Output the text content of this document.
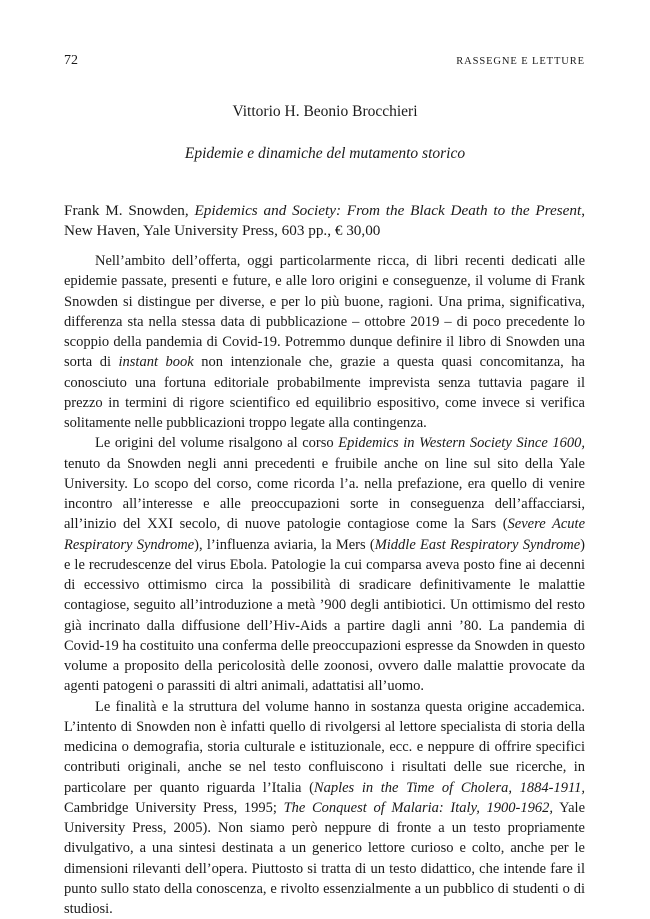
72	RASSEGNE E LETTURE
Vittorio H. Beonio Brocchieri
Epidemie e dinamiche del mutamento storico
Frank M. Snowden, Epidemics and Society: From the Black Death to the Present, New Haven, Yale University Press, 603 pp., € 30,00

Nell’ambito dell’offerta, oggi particolarmente ricca, di libri recenti dedicati alle epidemie passate, presenti e future, e alle loro origini e conseguenze, il volume di Frank Snowden si distingue per diverse, e per lo più buone, ragioni. Una prima, significativa, differenza sta nella stessa data di pubblicazione – ottobre 2019 – di poco precedente lo scoppio della pandemia di Covid-19. Potremmo dunque definire il libro di Snowden una sorta di instant book non intenzionale che, grazie a questa quasi concomitanza, ha conosciuto una fortuna editoriale probabilmente imprevista senza tuttavia pagare il prezzo in termini di rigore scientifico ed equilibrio espositivo, come invece si verifica solitamente nelle pubblicazioni troppo legate alla contingenza.

Le origini del volume risalgono al corso Epidemics in Western Society Since 1600, tenuto da Snowden negli anni precedenti e fruibile anche on line sul sito della Yale University. Lo scopo del corso, come ricorda l’a. nella prefazione, era quello di venire incontro all’interesse e alle preoccupazioni sorte in conseguenza dell’affacciarsi, all’inizio del XXI secolo, di nuove patologie contagiose come la Sars (Severe Acute Respiratory Syndrome), l’influenza aviaria, la Mers (Middle East Respiratory Syndrome) e le recrudescenze del virus Ebola. Patologie la cui comparsa aveva posto fine ai decenni di eccessivo ottimismo circa la possibilità di sradicare definitivamente le malattie contagiose, seguito all’introduzione a metà ’900 degli antibiotici. Un ottimismo del resto già incrinato dalla diffusione dell’Hiv-Aids a partire dagli anni ’80. La pandemia di Covid-19 ha costituito una conferma delle preoccupazioni espresse da Snowden in questo volume a proposito della pericolosità delle zoonosi, ovvero dalle malattie provocate da agenti patogeni o parassiti di altri animali, adattatisi all’uomo.

Le finalità e la struttura del volume hanno in sostanza questa origine accademica. L’intento di Snowden non è infatti quello di rivolgersi al lettore specialista di storia della medicina o demografia, storia culturale e istituzionale, ecc. e neppure di offrire specifici contributi originali, anche se nel testo confluiscono i risultati delle sue ricerche, in particolare per quanto riguarda l’Italia (Naples in the Time of Cholera, 1884-1911, Cambridge University Press, 1995; The Conquest of Malaria: Italy, 1900-1962, Yale University Press, 2005). Non siamo però neppure di fronte a un testo propriamente divulgativo, a una sintesi destinata a un generico lettore curioso e colto, anche per le dimensioni rilevanti dell’opera. Piuttosto si tratta di un testo didattico, che intende fare il punto sullo stato della conoscenza, e rivolto essenzialmente a un pubblico di studenti o di studiosi.
